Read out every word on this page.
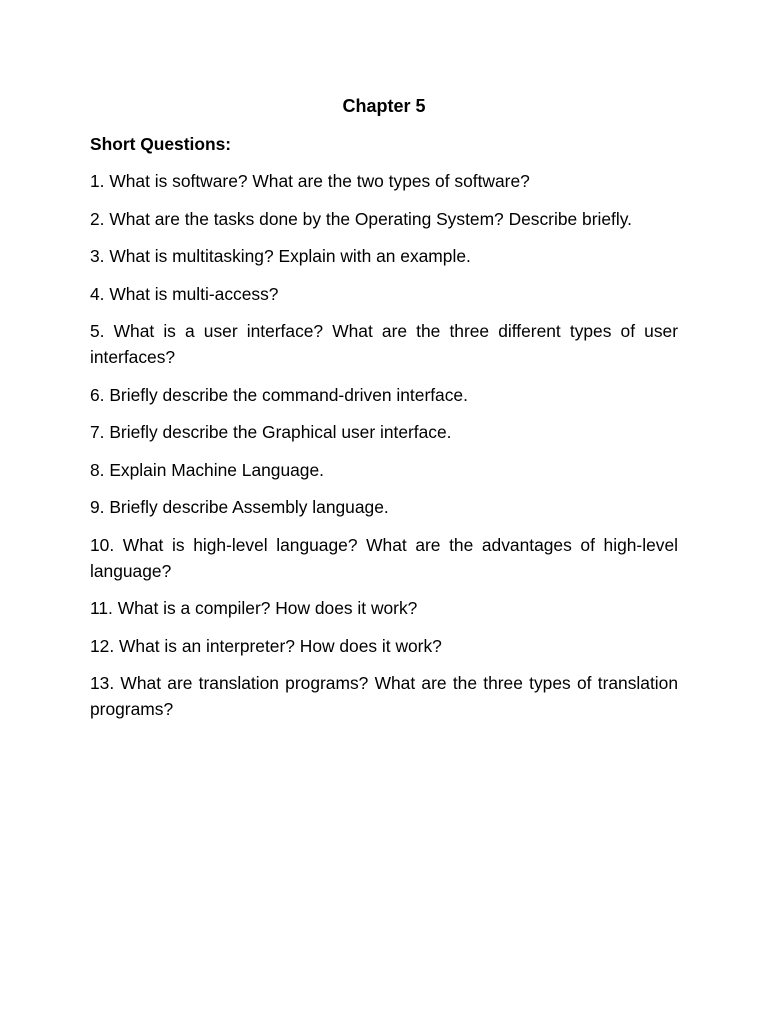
Chapter 5
Short Questions:
1. What is software? What are the two types of software?
2. What are the tasks done by the Operating System? Describe briefly.
3. What is multitasking? Explain with an example.
4. What is multi-access?
5. What is a user interface? What are the three different types of user interfaces?
6. Briefly describe the command-driven interface.
7. Briefly describe the Graphical user interface.
8. Explain Machine Language.
9. Briefly describe Assembly language.
10. What is high-level language? What are the advantages of high-level language?
11. What is a compiler? How does it work?
12. What is an interpreter? How does it work?
13. What are translation programs? What are the three types of translation programs?
